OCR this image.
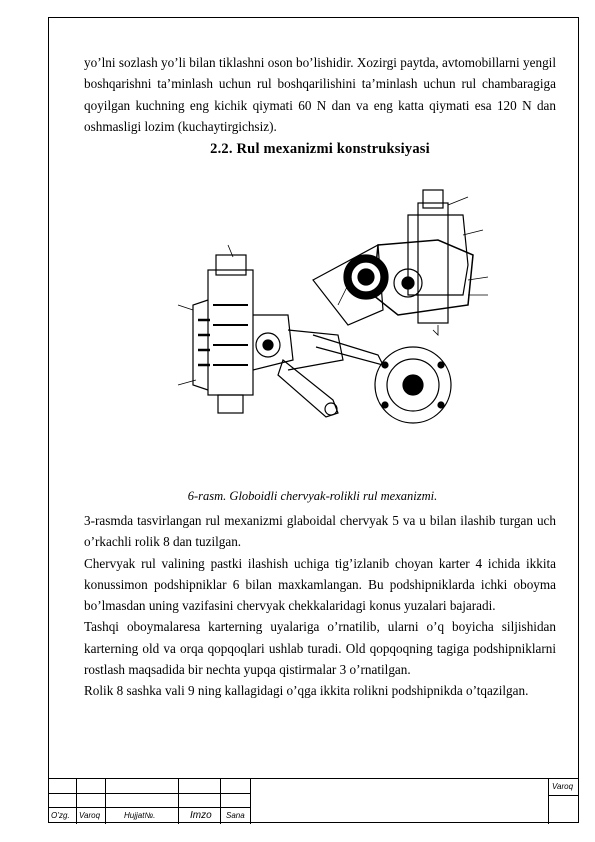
yo’lni sozlash yo’li bilan tiklashni oson bo’lishidir. Xozirgi paytda, avtomobillarni yengil boshqarishni ta’minlash uchun rul boshqarilishini ta’minlash uchun rul chambaragiga qoyilgan kuchning eng kichik qiymati 60 N dan va eng katta qiymati esa 120 N dan oshmasligi lozim (kuchaytirgichsiz).

2.2. Rul mexanizmi konstruksiyasi

6-rasm. Globoidli chervyak-rolikli rul mexanizmi.

3-rasmda tasvirlangan rul mexanizmi glaboidal chervyak 5 va u bilan ilashib turgan uch o’rkachli rolik 8 dan tuzilgan.

Chervyak rul valining pastki ilashish uchiga tig’izlanib choyan karter 4 ichida ikkita konussimon podshipniklar 6 bilan maxkamlangan. Bu podshipniklarda ichki oboyma bo’lmasdan uning vazifasini chervyak chekkalaridagi konus yuzalari bajaradi.

Tashqi oboymalaresa karterning uyalariga o’rnatilib, ularni o’q boyicha siljishidan karterning old va orqa qopqoqlari ushlab turadi. Old qopqoqning tagiga podshipniklarni rostlash maqsadida bir nechta yupqa qistirmalar 3 o’rnatilgan.

Rolik 8 sashka vali 9 ning kallagidagi o’qga ikkita rolikni podshipnikda o’tqazilgan.

Varoq
O’zg. Varoq	Hujjat№.	Imzo Sana
